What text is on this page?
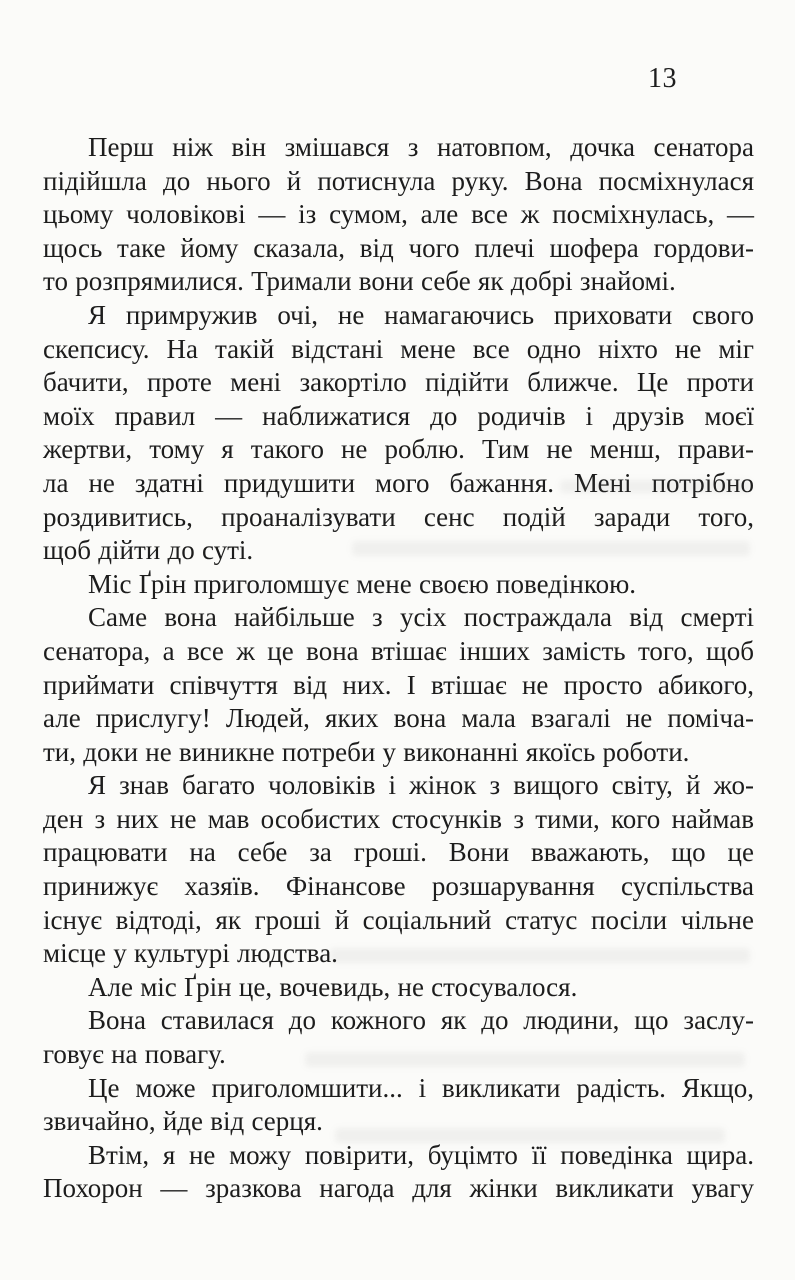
13

Перш ніж він змішався з натовпом, дочка сенатора
підійшла до нього й потиснула руку. Вона посміхнулася
цьому чоловікові — із сумом, але все ж посміхнулась, —
щось таке йому сказала, від чого плечі шофера гордови-
то розпрямилися. Тримали вони себе як добрі знайомі.

Я примружив очі, не намагаючись приховати свого
скепсису. На такій відстані мене все одно ніхто не міг
бачити, проте мені закортіло підійти ближче. Це проти
моїх правил — наближатися до родичів і друзів моєї
жертви, тому я такого не роблю. Тим не менш, прави-
ла не здатні придушити мого бажання. Мені потрібно
роздивитись, проаналізувати сенс подій заради того,
щоб дійти до суті.

Міс Ґрін приголомшує мене своєю поведінкою.

Саме вона найбільше з усіх постраждала від смерті
сенатора, а все ж це вона втішає інших замість того, щоб
приймати співчуття від них. І втішає не просто абикого,
але прислугу! Людей, яких вона мала взагалі не поміча-
ти, доки не виникне потреби у виконанні якоїсь роботи.

Я знав багато чоловіків і жінок з вищого світу, й жо-
ден з них не мав особистих стосунків з тими, кого наймав
працювати на себе за гроші. Вони вважають, що це
принижує хазяїв. Фінансове розшарування суспільства
існує відтоді, як гроші й соціальний статус посіли чільне
місце у культурі людства.

Але міс Ґрін це, вочевидь, не стосувалося.

Вона ставилася до кожного як до людини, що заслу-
говує на повагу.

Це може приголомшити... і викликати радість. Якщо,
звичайно, йде від серця.

Втім, я не можу повірити, буцімто її поведінка щира.
Похорон — зразкова нагода для жінки викликати увагу
